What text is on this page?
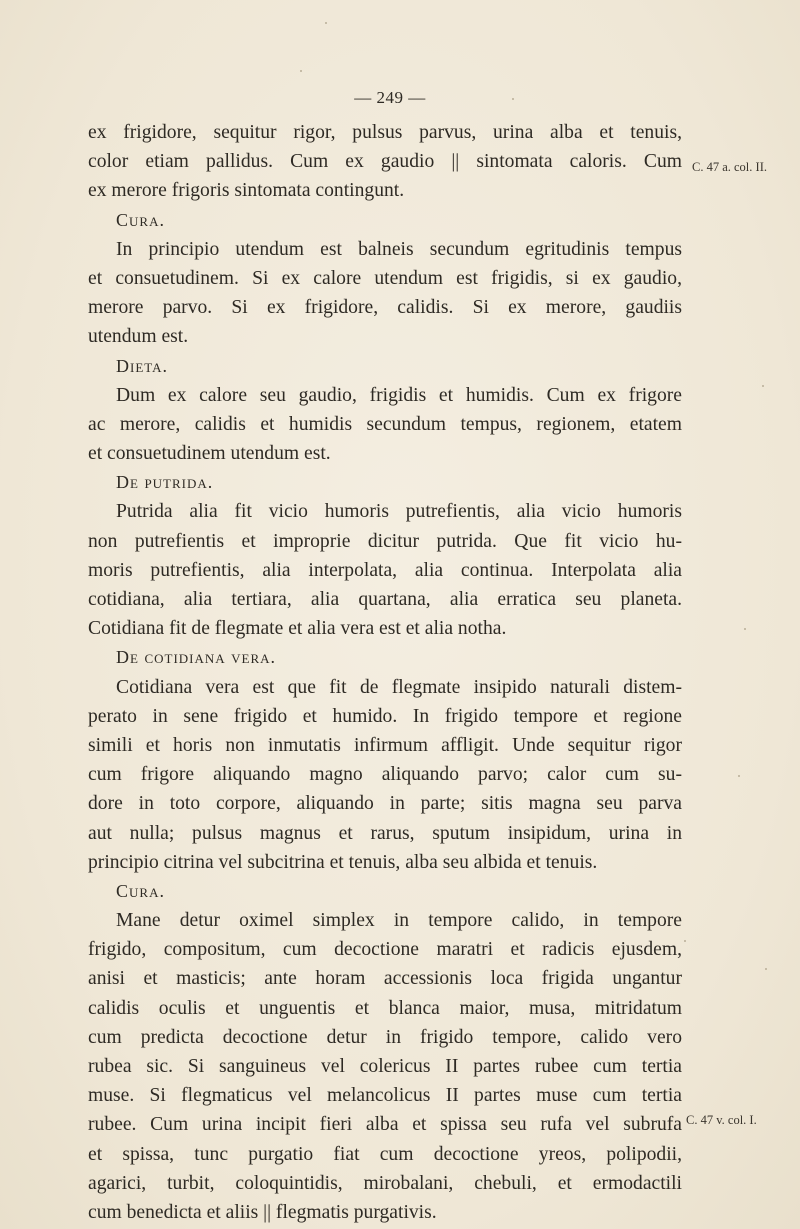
— 249 —
ex frigidore, sequitur rigor, pulsus parvus, urina alba et tenuis,
color etiam pallidus. Cum ex gaudio || sintomata caloris. Cum
ex merore frigoris sintomata contingunt.
Cura.
In principio utendum est balneis secundum egritudinis tempus
et consuetudinem. Si ex calore utendum est frigidis, si ex gaudio,
merore parvo. Si ex frigidore, calidis. Si ex merore, gaudiis
utendum est.
Dieta.
Dum ex calore seu gaudio, frigidis et humidis. Cum ex frigore
ac merore, calidis et humidis secundum tempus, regionem, etatem
et consuetudinem utendum est.
De putrida.
Putrida alia fit vicio humoris putrefientis, alia vicio humoris
non putrefientis et improprie dicitur putrida. Que fit vicio hu-
moris putrefientis, alia interpolata, alia continua. Interpolata alia
cotidiana, alia tertiara, alia quartana, alia erratica seu planeta.
Cotidiana fit de flegmate et alia vera est et alia notha.
De cotidiana vera.
Cotidiana vera est que fit de flegmate insipido naturali distem-
perato in sene frigido et humido. In frigido tempore et regione
simili et horis non inmutatis infirmum affligit. Unde sequitur rigor
cum frigore aliquando magno aliquando parvo; calor cum su-
dore in toto corpore, aliquando in parte; sitis magna seu parva
aut nulla; pulsus magnus et rarus, sputum insipidum, urina in
principio citrina vel subcitrina et tenuis, alba seu albida et tenuis.
Cura.
Mane detur oximel simplex in tempore calido, in tempore
frigido, compositum, cum decoctione maratri et radicis ejusdem,
anisi et masticis; ante horam accessionis loca frigida ungantur
calidis oculis et unguentis et blanca maior, musa, mitridatum
cum predicta decoctione detur in frigido tempore, calido vero
rubea sic. Si sanguineus vel colericus II partes rubee cum tertia
muse. Si flegmaticus vel melancolicus II partes muse cum tertia
rubee. Cum urina incipit fieri alba et spissa seu rufa vel subrufa
et spissa, tunc purgatio fiat cum decoctione yreos, polipodii,
agarici, turbit, coloquintidis, mirobalani, chebuli, et ermodactili
cum benedicta et aliis || flegmatis purgativis.
C. 47 a. col. II.
C. 47 v. col. I.
